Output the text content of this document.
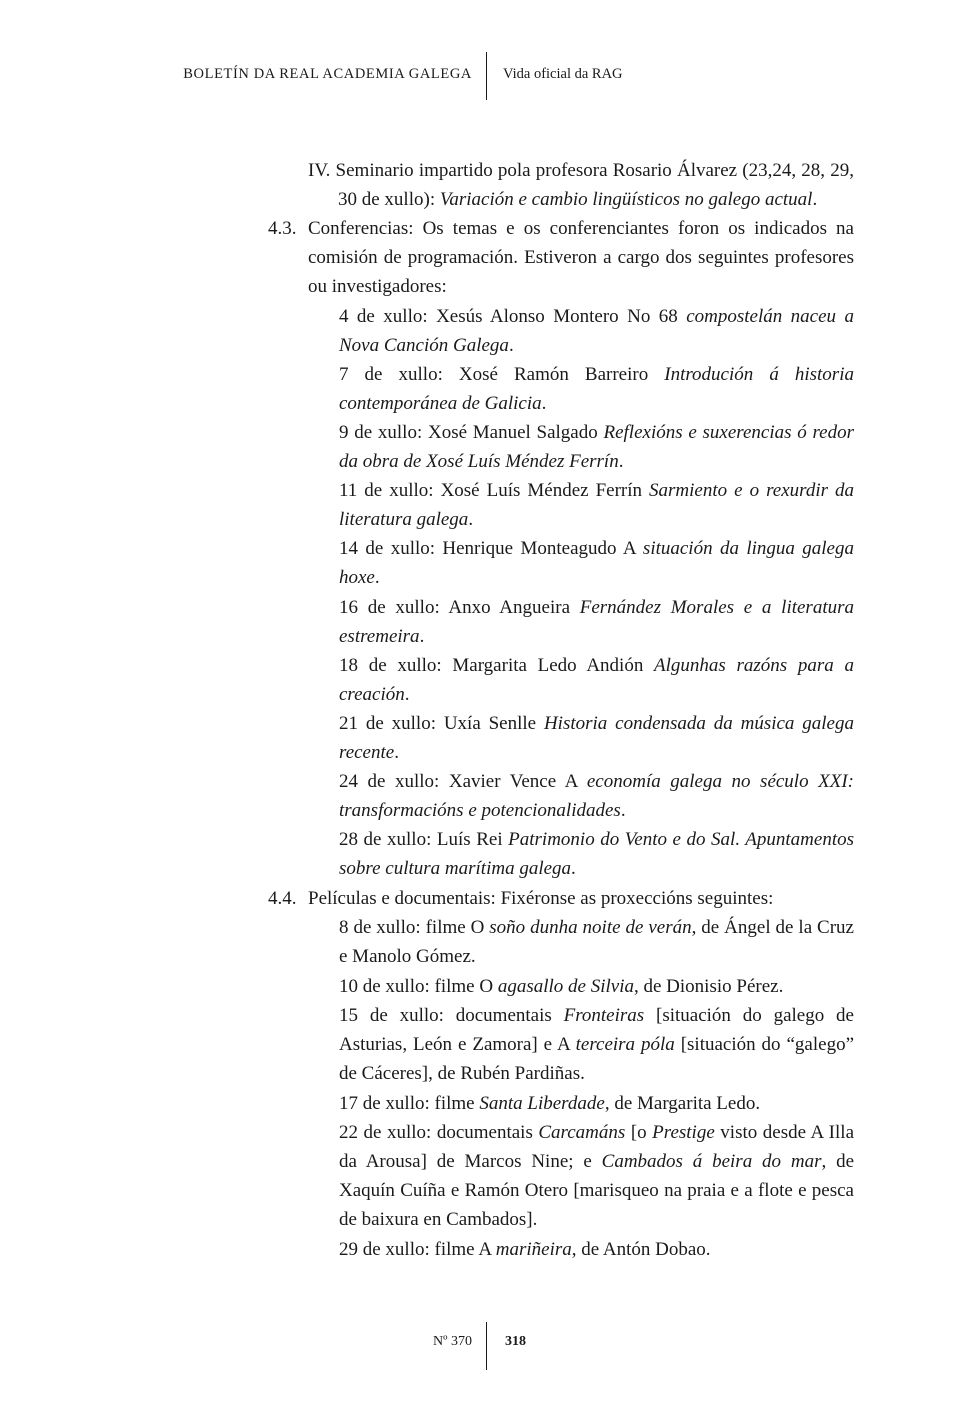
BOLETÍN DA REAL ACADEMIA GALEGA Vida oficial da RAG
IV. Seminario impartido pola profesora Rosario Álvarez (23,24, 28, 29, 30 de xullo): Variación e cambio lingüísticos no galego actual.
4.3. Conferencias: Os temas e os conferenciantes foron os indicados na comisión de programación. Estiveron a cargo dos seguintes profesores ou investigadores:
4 de xullo: Xesús Alonso Montero No 68 compostelán naceu a Nova Canción Galega.
7 de xullo: Xosé Ramón Barreiro Introdución á historia contemporánea de Galicia.
9 de xullo: Xosé Manuel Salgado Reflexións e suxerencias ó redor da obra de Xosé Luís Méndez Ferrín.
11 de xullo: Xosé Luís Méndez Ferrín Sarmiento e o rexurdir da literatura galega.
14 de xullo: Henrique Monteagudo A situación da lingua galega hoxe.
16 de xullo: Anxo Angueira Fernández Morales e a literatura estremeira.
18 de xullo: Margarita Ledo Andión Algunhas razóns para a creación.
21 de xullo: Uxía Senlle Historia condensada da música galega recente.
24 de xullo: Xavier Vence A economía galega no século XXI: transformacións e potencionalidades.
28 de xullo: Luís Rei Patrimonio do Vento e do Sal. Apuntamentos sobre cultura marítima galega.
4.4. Películas e documentais: Fixéronse as proxeccións seguintes:
8 de xullo: filme O soño dunha noite de verán, de Ángel de la Cruz e Manolo Gómez.
10 de xullo: filme O agasallo de Silvia, de Dionisio Pérez.
15 de xullo: documentais Fronteiras [situación do galego de Asturias, León e Zamora] e A terceira póla [situación do “galego” de Cáceres], de Rubén Pardiñas.
17 de xullo: filme Santa Liberdade, de Margarita Ledo.
22 de xullo: documentais Carcamáns [o Prestige visto desde A Illa da Arousa] de Marcos Nine; e Cambados á beira do mar, de Xaquín Cuíña e Ramón Otero [marisqueo na praia e a flote e pesca de baixura en Cambados].
29 de xullo: filme A mariñeira, de Antón Dobao.
Nº 370 318
